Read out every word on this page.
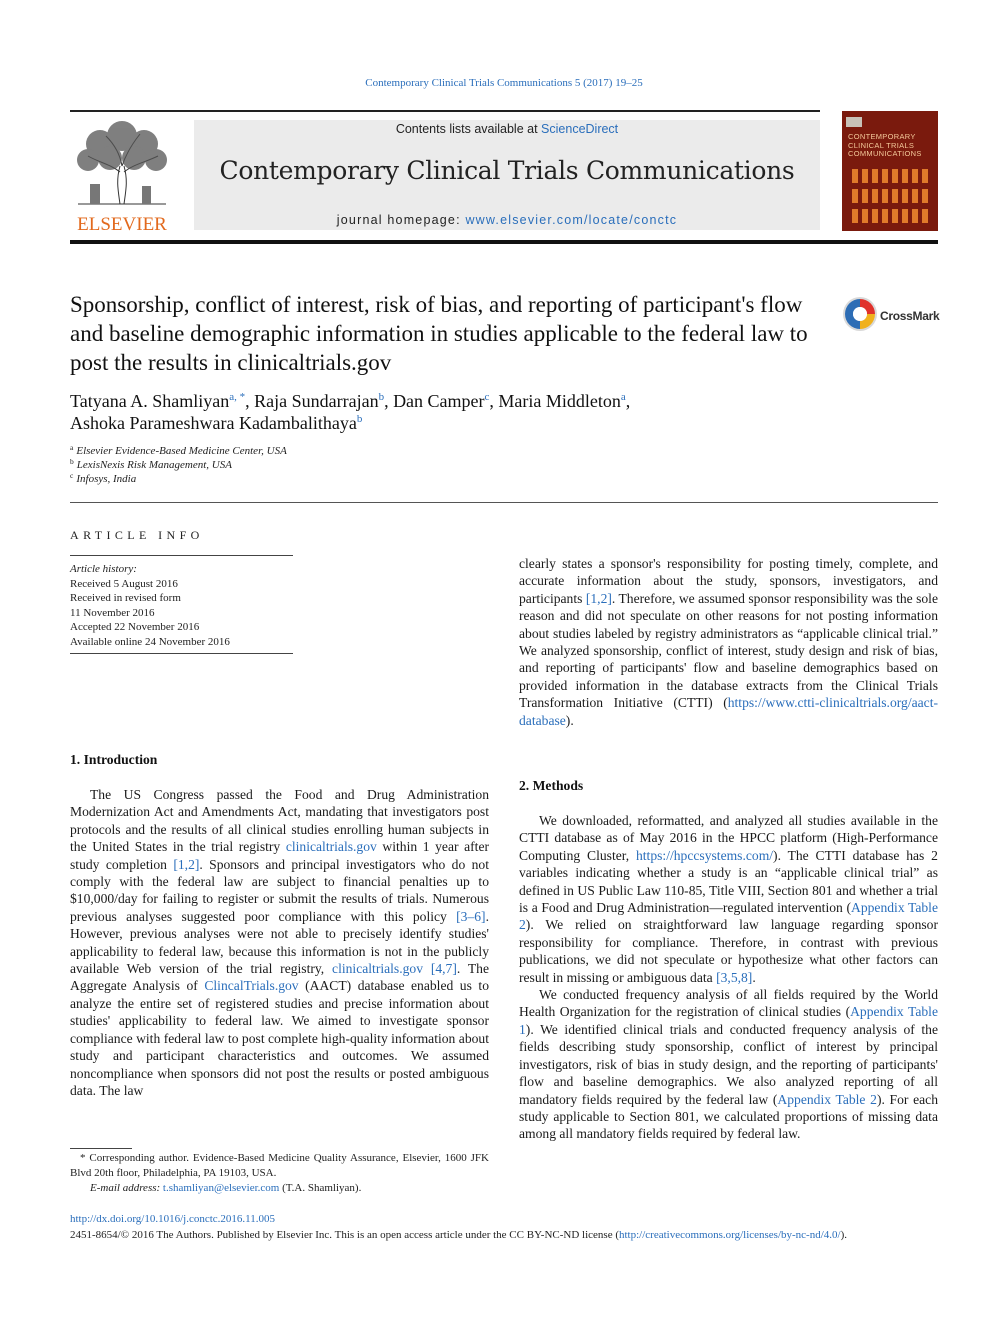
Contemporary Clinical Trials Communications 5 (2017) 19–25
ELSEVIER
Contents lists available at ScienceDirect
Contemporary Clinical Trials Communications
journal homepage: www.elsevier.com/locate/conctc
CONTEMPORARY CLINICAL TRIALS COMMUNICATIONS
Sponsorship, conflict of interest, risk of bias, and reporting of participant's flow and baseline demographic information in studies applicable to the federal law to post the results in clinicaltrials.gov
CrossMark
Tatyana A. Shamliyan$^{a, *}$, Raja Sundarrajan$^b$, Dan Camper$^c$, Maria Middleton$^a$,
Ashoka Parameshwara Kadambalithaya$^b$
$^a$ Elsevier Evidence-Based Medicine Center, USA
$^b$ LexisNexis Risk Management, USA
$^c$ Infosys, India
ARTICLE INFO
Article history:
Received 5 August 2016
Received in revised form
11 November 2016
Accepted 22 November 2016
Available online 24 November 2016
1. Introduction
The US Congress passed the Food and Drug Administration Modernization Act and Amendments Act, mandating that investigators post protocols and the results of all clinical studies enrolling human subjects in the United States in the trial registry clinicaltrials.gov within 1 year after study completion [1,2]. Sponsors and principal investigators who do not comply with the federal law are subject to financial penalties up to $10,000/day for failing to register or submit the results of trials. Numerous previous analyses suggested poor compliance with this policy [3–6]. However, previous analyses were not able to precisely identify studies' applicability to federal law, because this information is not in the publicly available Web version of the trial registry, clinicaltrials.gov [4,7]. The Aggregate Analysis of ClincalTrials.gov (AACT) database enabled us to analyze the entire set of registered studies and precise information about studies' applicability to federal law. We aimed to investigate sponsor compliance with federal law to post complete high-quality information about study and participant characteristics and outcomes. We assumed noncompliance when sponsors did not post the results or posted ambiguous data. The law
clearly states a sponsor's responsibility for posting timely, complete, and accurate information about the study, sponsors, investigators, and participants [1,2]. Therefore, we assumed sponsor responsibility was the sole reason and did not speculate on other reasons for not posting information about studies labeled by registry administrators as “applicable clinical trial.” We analyzed sponsorship, conflict of interest, study design and risk of bias, and reporting of participants' flow and baseline demographics based on provided information in the database extracts from the Clinical Trials Transformation Initiative (CTTI) (https://www.ctti-clinicaltrials.org/aact-database).
2. Methods
We downloaded, reformatted, and analyzed all studies available in the CTTI database as of May 2016 in the HPCC platform (High-Performance Computing Cluster, https://hpccsystems.com/). The CTTI database has 2 variables indicating whether a study is an “applicable clinical trial” as defined in US Public Law 110-85, Title VIII, Section 801 and whether a trial is a Food and Drug Administration—regulated intervention (Appendix Table 2). We relied on straightforward law language regarding sponsor responsibility for compliance. Therefore, in contrast with previous publications, we did not speculate or hypothesize what other factors can result in missing or ambiguous data [3,5,8].
We conducted frequency analysis of all fields required by the World Health Organization for the registration of clinical studies (Appendix Table 1). We identified clinical trials and conducted frequency analysis of the fields describing study sponsorship, conflict of interest by principal investigators, risk of bias in study design, and the reporting of participants' flow and baseline demographics. We also analyzed reporting of all mandatory fields required by the federal law (Appendix Table 2). For each study applicable to Section 801, we calculated proportions of missing data among all mandatory fields required by federal law.
* Corresponding author. Evidence-Based Medicine Quality Assurance, Elsevier, 1600 JFK Blvd 20th floor, Philadelphia, PA 19103, USA.
E-mail address: t.shamliyan@elsevier.com (T.A. Shamliyan).
http://dx.doi.org/10.1016/j.conctc.2016.11.005
2451-8654/© 2016 The Authors. Published by Elsevier Inc. This is an open access article under the CC BY-NC-ND license (http://creativecommons.org/licenses/by-nc-nd/4.0/).
